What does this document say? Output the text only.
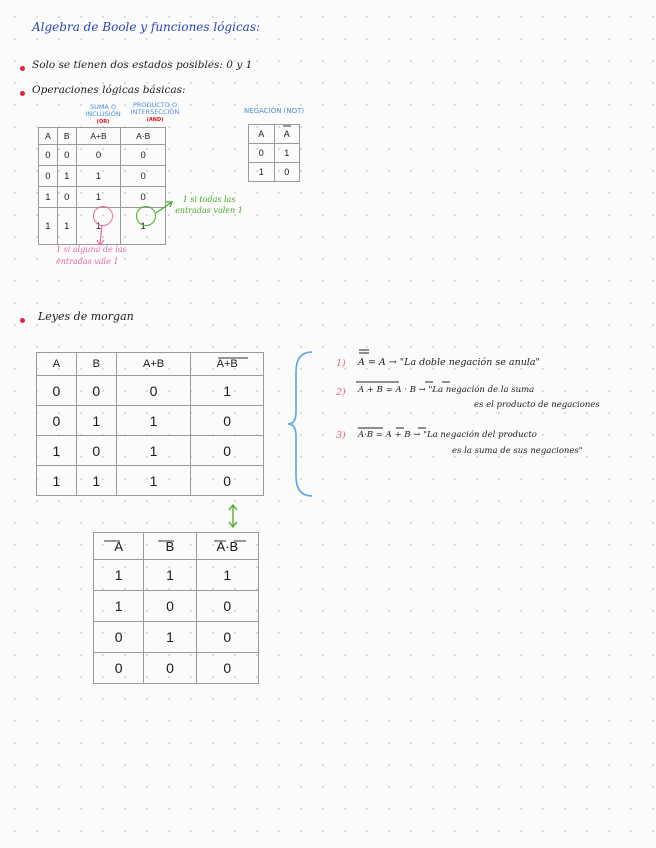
Algebra de Boole y funciones lógicas:
Solo se tienen dos estados posibles: 0 y 1
Operaciones lógicas básicas:
SUMA O INCLUSIÓN (OR)
PRODUCTO O INTERSECCIÓN (AND)
NEGACIÓN (NOT)
A	B	A+B	A·B
0	0	0	0
0	1	1	0
1	0	1	0
1	1	1	1
1 si alguna de las entradas vale 1
1 si todas las entradas valen 1
A	A
0	1
1	0
Leyes de morgan
A	B	A+B	A+B
0	0	0	1
0	1	1	0
1	0	1	0
1	1	1	0
A	B	A·B
1	1	1
1	0	0
0	1	0
0	0	0
1) A = A → "La doble negación se anula"
2) A + B = A · B → "La negación de la suma
es el producto de negaciones
3) A·B = A + B → "La negación del producto
es la suma de sus negaciones"
